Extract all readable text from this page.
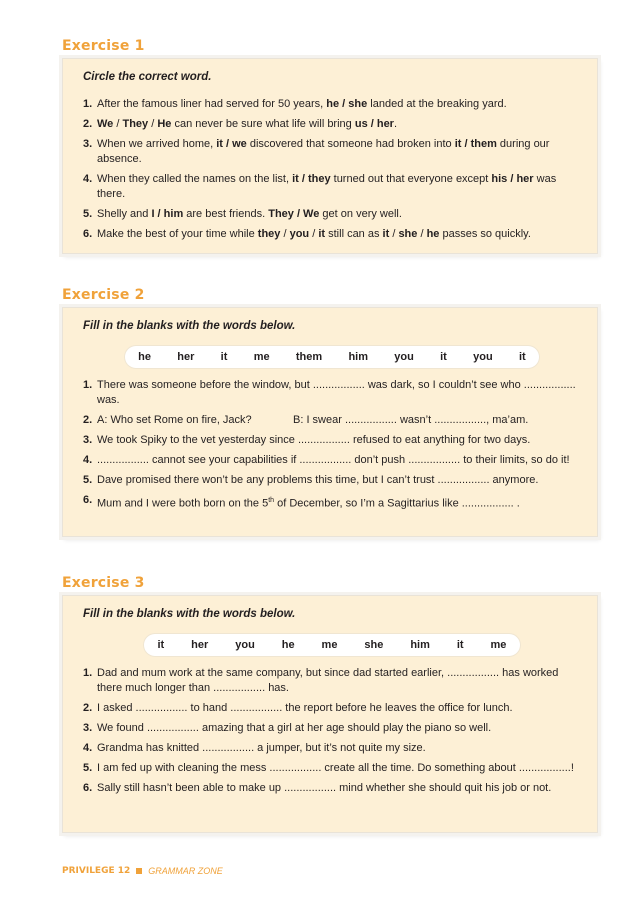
Exercise 1

Circle the correct word.

1. After the famous liner had served for 50 years, he / she landed at the breaking yard.
2. We / They / He can never be sure what life will bring us / her.
3. When we arrived home, it / we discovered that someone had broken into it / them during our absence.
4. When they called the names on the list, it / they turned out that everyone except his / her was there.
5. Shelly and I / him are best friends. They / We get on very well.
6. Make the best of your time while they / you / it still can as it / she / he passes so quickly.
Exercise 2

Fill in the blanks with the words below.

he	her	it	me	them	him	you	it	you	it
1. There was someone before the window, but ................. was dark, so I couldn’t see who ................. was.
2. A: Who set Rome on fire, Jack?	B: I swear ................. wasn’t ................., ma’am.
3. We took Spiky to the vet yesterday since ................. refused to eat anything for two days.
4. ................. cannot see your capabilities if ................. don’t push ................. to their limits, so do it!
5. Dave promised there won’t be any problems this time, but I can’t trust ................. anymore.
6. Mum and I were both born on the 5th of December, so I’m a Sagittarius like ................. .
Exercise 3

Fill in the blanks with the words below.

it	her	you	he	me	she	him	it	me
1. Dad and mum work at the same company, but since dad started earlier, ................. has worked there much longer than ................. has.
2. I asked ................. to hand ................. the report before he leaves the office for lunch.
3. We found ................. amazing that a girl at her age should play the piano so well.
4. Grandma has knitted ................. a jumper, but it’s not quite my size.
5. I am fed up with cleaning the mess ................. create all the time. Do something about .................!
6. Sally still hasn’t been able to make up ................. mind whether she should quit his job or not.
PRIVILEGE 12 GRAMMAR ZONE
